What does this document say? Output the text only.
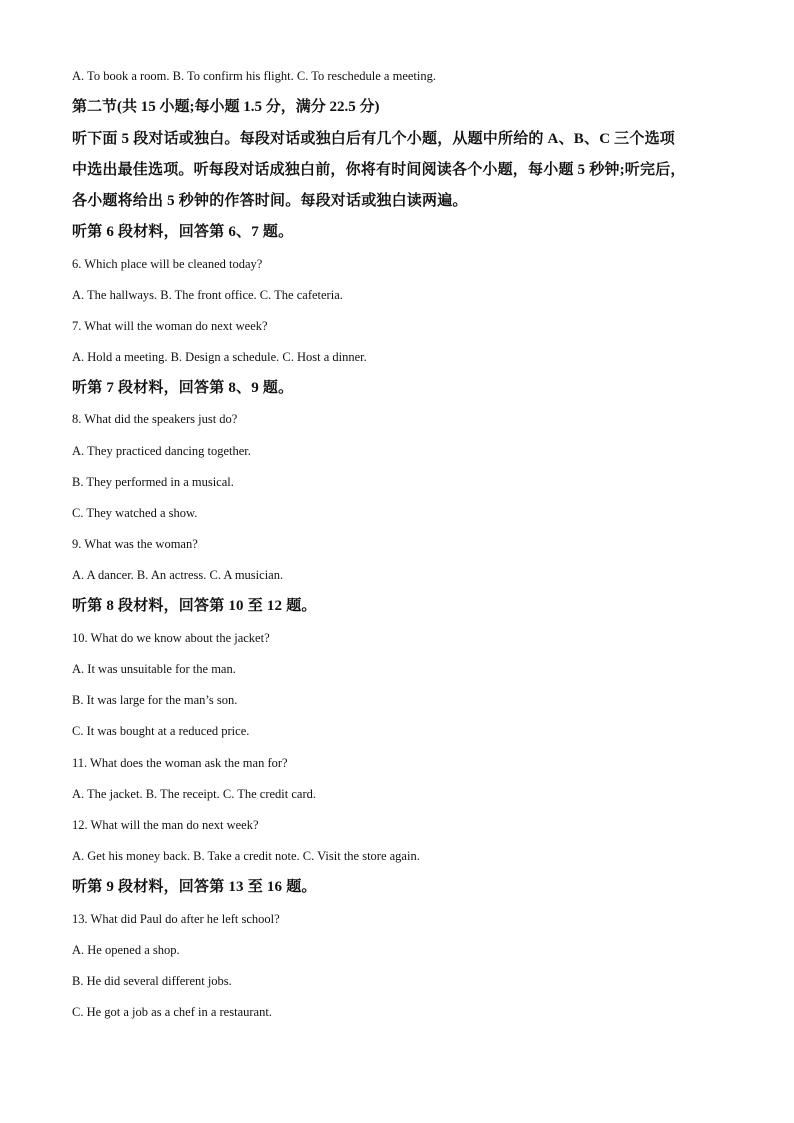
A. To book a room. B. To confirm his flight. C. To reschedule a meeting.
第二节(共 15 小题;每小题 1.5 分，满分 22.5 分)
听下面 5 段对话或独白。每段对话或独白后有几个小题，从题中所给的 A、B、C 三个选项
中选出最佳选项。听每段对话成独白前，你将有时间阅读各个小题，每小题 5 秒钟;听完后，
各小题将给出 5 秒钟的作答时间。每段对话或独白读两遍。
听第 6 段材料，回答第 6、7 题。
6. Which place will be cleaned today?
A. The hallways. B. The front office. C. The cafeteria.
7. What will the woman do next week?
A. Hold a meeting. B. Design a schedule. C. Host a dinner.
听第 7 段材料，回答第 8、9 题。
8. What did the speakers just do?
A. They practiced dancing together.
B. They performed in a musical.
C. They watched a show.
9. What was the woman?
A. A dancer. B. An actress. C. A musician.
听第 8 段材料，回答第 10 至 12 题。
10. What do we know about the jacket?
A. It was unsuitable for the man.
B. It was large for the man’s son.
C. It was bought at a reduced price.
11. What does the woman ask the man for?
A. The jacket. B. The receipt. C. The credit card.
12. What will the man do next week?
A. Get his money back. B. Take a credit note. C. Visit the store again.
听第 9 段材料，回答第 13 至 16 题。
13. What did Paul do after he left school?
A. He opened a shop.
B. He did several different jobs.
C. He got a job as a chef in a restaurant.
